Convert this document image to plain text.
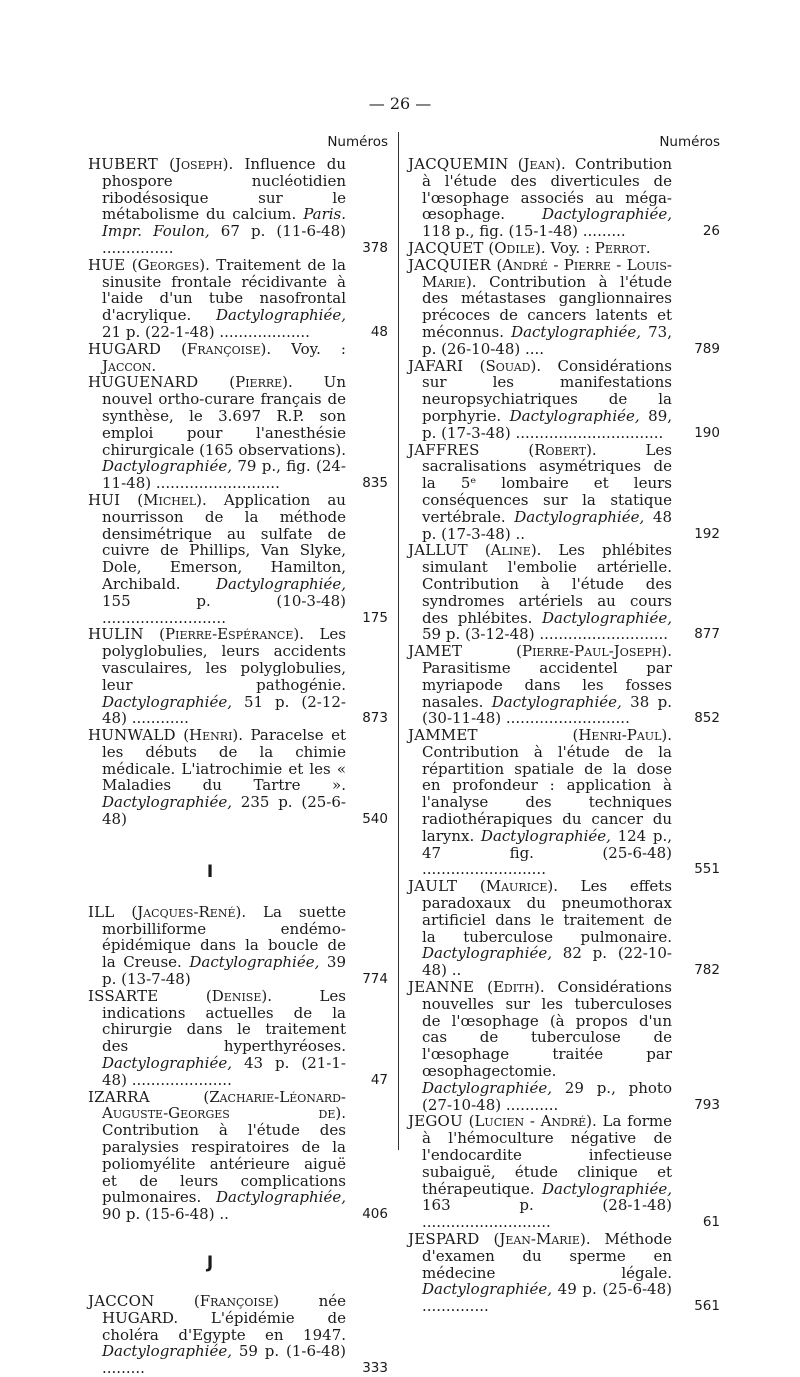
— 26 —
Numéros
HUBERT (Joseph). Influence du phospore nucléotidien ribodésosique sur le métabolisme du calcium. Paris. Impr. Foulon, 67 p. (11-6-48) ...............	378
HUE (Georges). Traitement de la sinusite frontale récidivante à l'aide d'un tube nasofrontal d'acrylique. Dactylographiée, 21 p. (22-1-48) ...................	48
HUGARD (Françoise). Voy. : Jaccon.
HUGUENARD (Pierre). Un nouvel ortho-curare français de synthèse, le 3.697 R.P. son emploi pour l'anesthésie chirurgicale (165 observations). Dactylographiée, 79 p., fig. (24-11-48) ..........................	835
HUI (Michel). Application au nourrisson de la méthode densimétrique au sulfate de cuivre de Phillips, Van Slyke, Dole, Emerson, Hamilton, Archibald. Dactylographiée, 155 p. (10-3-48) ..........................	175
HULIN (Pierre-Espérance). Les polyglobulies, leurs accidents vasculaires, les polyglobulies, leur pathogénie. Dactylographiée, 51 p. (2-12-48) ............	873
HUNWALD (Henri). Paracelse et les débuts de la chimie médicale. L'iatrochimie et les « Maladies du Tartre ». Dactylographiée, 235 p. (25-6-48)	540
I
ILL (Jacques-René). La suette morbilliforme endémo-épidémique dans la boucle de la Creuse. Dactylographiée, 39 p. (13-7-48)	774
ISSARTE	(Denise).	Les indications actuelles de la chirurgie dans le traitement des hyperthyréoses. Dactylographiée, 43 p. (21-1-48) .....................	47
IZARRA	(Zacharie-Léonard-Auguste-Georges de). Contribution à l'étude des paralysies respiratoires de la poliomyélite antérieure aiguë et de leurs complications pulmonaires. Dactylographiée, 90 p. (15-6-48) ..	406
J
JACCON	(Françoise)	née HUGARD. L'épidémie de choléra d'Egypte en 1947. Dactylographiée, 59 p. (1-6-48) .........	333
Numéros
JACQUEMIN (Jean). Contribution à l'étude des diverticules de l'œsophage associés au méga-œsophage. Dactylographiée, 118 p., fig. (15-1-48) .........	26
JACQUET (Odile). Voy. : Perrot.
JACQUIER (André - Pierre - Louis-Marie). Contribution à l'étude des métastases ganglionnaires précoces de cancers latents et méconnus. Dactylographiée, 73, p. (26-10-48) ....	789
JAFARI (Souad). Considérations sur les manifestations neuropsychiatriques de la porphyrie. Dactylographiée, 89, p. (17-3-48) ...............................	190
JAFFRES	(Robert).	Les sacralisations asymétriques de la 5ᵉ lombaire et leurs conséquences sur la statique vertébrale. Dactylographiée, 48 p. (17-3-48) ..	192
JALLUT (Aline). Les phlébites simulant l'embolie artérielle. Contribution à l'étude des syndromes artériels au cours des phlébites. Dactylographiée, 59 p. (3-12-48) ...........................	877
JAMET	(Pierre-Paul-Joseph). Parasitisme accidentel par myriapode dans les fosses nasales. Dactylographiée, 38 p. (30-11-48) ..........................	852
JAMMET	(Henri-Paul). Contribution à l'étude de la répartition spatiale de la dose en profondeur : application à l'analyse des techniques radiothérapiques du cancer du larynx. Dactylographiée, 124 p., 47 fig. (25-6-48) ..........................	551
JAULT (Maurice). Les effets paradoxaux du pneumothorax artificiel dans le traitement de la tuberculose pulmonaire. Dactylographiée, 82 p. (22-10-48) ..	782
JEANNE (Edith). Considérations nouvelles sur les tuberculoses de l'œsophage (à propos d'un cas de tuberculose de l'œsophage traitée par œsophagectomie. Dactylographiée, 29 p., photo (27-10-48) ...........	793
JEGOU (Lucien - André). La forme à l'hémoculture négative de l'endocardite infectieuse subaiguë, étude clinique et thérapeutique. Dactylographiée, 163 p. (28-1-48) ...........................	61
JESPARD (Jean-Marie). Méthode d'examen du sperme en médecine légale. Dactylographiée, 49 p. (25-6-48) ..............	561
